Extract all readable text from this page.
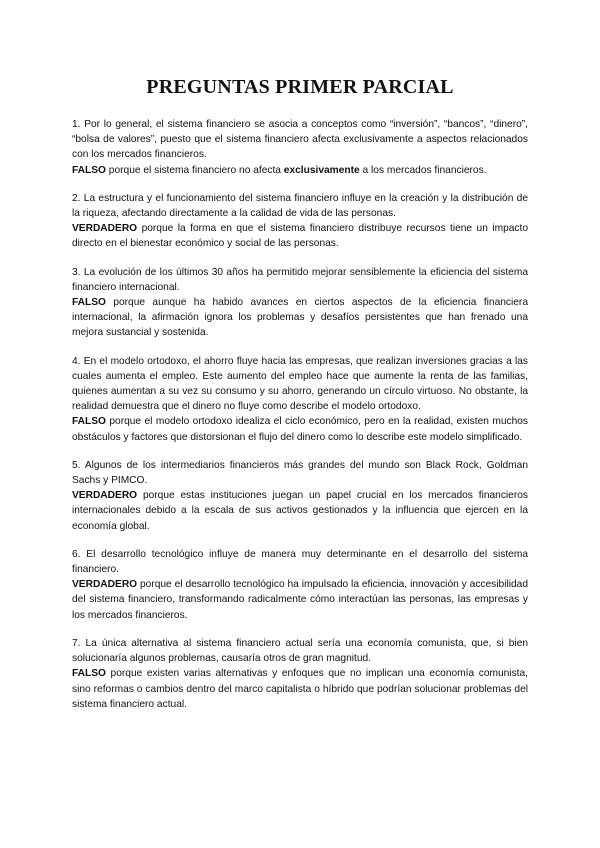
PREGUNTAS PRIMER PARCIAL

1. Por lo general, el sistema financiero se asocia a conceptos como “inversión”, “bancos”, “dinero”, “bolsa de valores”, puesto que el sistema financiero afecta exclusivamente a aspectos relacionados con los mercados financieros.

FALSO porque el sistema financiero no afecta exclusivamente a los mercados financieros.

2. La estructura y el funcionamiento del sistema financiero influye en la creación y la distribución de la riqueza, afectando directamente a la calidad de vida de las personas.

VERDADERO porque la forma en que el sistema financiero distribuye recursos tiene un impacto directo en el bienestar económico y social de las personas.

3. La evolución de los últimos 30 años ha permitido mejorar sensiblemente la eficiencia del sistema financiero internacional.

FALSO porque aunque ha habido avances en ciertos aspectos de la eficiencia financiera internacional, la afirmación ignora los problemas y desafíos persistentes que han frenado una mejora sustancial y sostenida.

4. En el modelo ortodoxo, el ahorro fluye hacia las empresas, que realizan inversiones gracias a las cuales aumenta el empleo. Este aumento del empleo hace que aumente la renta de las familias, quienes aumentan a su vez su consumo y su ahorro, generando un círculo virtuoso. No obstante, la realidad demuestra que el dinero no fluye como describe el modelo ortodoxo.

FALSO porque el modelo ortodoxo idealiza el ciclo económico, pero en la realidad, existen muchos obstáculos y factores que distorsionan el flujo del dinero como lo describe este modelo simplificado.

5. Algunos de los intermediarios financieros más grandes del mundo son Black Rock, Goldman Sachs y PIMCO.

VERDADERO porque estas instituciones juegan un papel crucial en los mercados financieros internacionales debido a la escala de sus activos gestionados y la influencia que ejercen en la economía global.

6. El desarrollo tecnológico influye de manera muy determinante en el desarrollo del sistema financiero.

VERDADERO porque el desarrollo tecnológico ha impulsado la eficiencia, innovación y accesibilidad del sistema financiero, transformando radicalmente cómo interactúan las personas, las empresas y los mercados financieros.

7. La única alternativa al sistema financiero actual sería una economía comunista, que, si bien solucionaría algunos problemas, causaría otros de gran magnitud.

FALSO porque existen varias alternativas y enfoques que no implican una economía comunista, sino reformas o cambios dentro del marco capitalista o híbrido que podrían solucionar problemas del sistema financiero actual.
